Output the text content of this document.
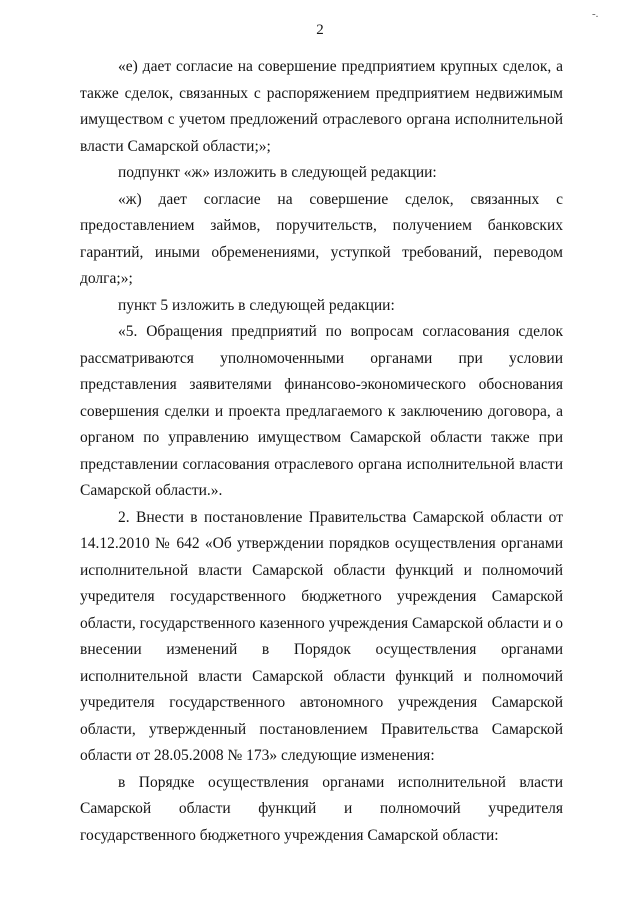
2
-.

«е) дает согласие на совершение предприятием крупных сделок, а также сделок, связанных с распоряжением предприятием недвижимым имуществом с учетом предложений отраслевого органа исполнительной власти Самарской области;»;

подпункт «ж» изложить в следующей редакции:

«ж) дает согласие на совершение сделок, связанных с предоставлением займов, поручительств, получением банковских гарантий, иными обременениями, уступкой требований, переводом долга;»;

пункт 5 изложить в следующей редакции:

«5. Обращения предприятий по вопросам согласования сделок рассматриваются уполномоченными органами при условии представления заявителями финансово-экономического обоснования совершения сделки и проекта предлагаемого к заключению договора, а органом по управлению имуществом Самарской области также при представлении согласования отраслевого органа исполнительной власти Самарской области.».

2. Внести в постановление Правительства Самарской области от 14.12.2010 № 642 «Об утверждении порядков осуществления органами исполнительной власти Самарской области функций и полномочий учредителя государственного бюджетного учреждения Самарской области, государственного казенного учреждения Самарской области и о внесении изменений в Порядок осуществления органами исполнительной власти Самарской области функций и полномочий учредителя государственного автономного учреждения Самарской области, утвержденный постановлением Правительства Самарской области от 28.05.2008 № 173» следующие изменения:

в Порядке осуществления органами исполнительной власти Самарской области функций и полномочий учредителя государственного бюджетного учреждения Самарской области:
